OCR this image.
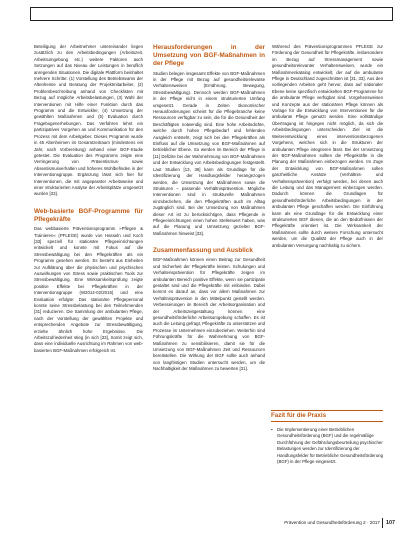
Beteiligung der Arbeitnehmer untereinander liegen zusätzlich zu den Arbeitsbedingungen (Arbeitszeit, Arbeitsumgebung etc.) weitere Faktoren auch Setzungen auf das Niveau der Leistungen in beruflich anregenden Situationen. Die digitale Plattform beinhaltet mehrere Schritte: (1) Vorstellung des Betriebsteams der Altenheime und Beratung der Projektmitarbeiter, (2) Problembeschreibung anhand von Checklisten mit Bezug auf mögliche Arbeitsbelastungen, (3) Wahl der Interventionen mit Hilfe einer Funktion durch das Programm und die Entwickler, (4) Umsetzung der gewählten Maßnahmen und (5) Evaluation durch Fragebogenerhebungen. Das Verfahren lehnt ein partizipatives Vorgehen an und Kommunikation für den Prozess mit dem Arbeitgeber. Dieses Programm wurde in 45 Altenheimen im Gesamtzeitraum (mindestens ein Jahr, nach Vorbereitung) anhand einer BGF-Studie getestet. Die Evaluation des Programms zeigte eine Verringerung von Präsentismus- sowie Absentismusverhalten und höheres Wohlbefinden in der Interventionsgruppe. Ergänzung lässt sich hier für Interventionen, die mit angepasster Arbeitsweise und einer strukturierten Analyse der Arbeitsplätze umgesetzt wurden [33].

Web-basierte BGF-Programme für Pflegekräfte

Das webbasierte Präventionsprogramm »Pflegen & Trainieren« (PFLEGE) wurde von Hasseln und Koch [33] speziell für stationäre Pflegeeinrichtungen entwickelt und konnte mit Fokus auf die Stressbewältigung bei den Pflegekräften als ein Programm gesehen werden. Es besteht aus Einheiten zur Aufklärung über die physischen und psychischen Auswirkungen von Stress sowie praktischen Tools zur Stressbewältigung. Eine Wirksamkeitsprüfung zeigte positive Effekte bei Pflegekräften in der Interventionsgruppe (W2014-02/2015) und eine Evaluation erfolgte: Das stationäre Pflegepersonal konnte seine Stressbelastung bei den Teilnehmenden [31] reduzieren. Die Sammlung der ambulanten Pflege, nach der Vorstellung der gewählten Projekte und entsprechenden Angebote zur Stressbewältigung, erzielte ähnlich hohe Ergebnisse. Die Arbeitszufriedenheit stieg (in sich [33], Somit zeigt sich, dass eine individuelle Ausrichtung im Rahmen von web-basierten BGF-Maßnahmen erfolgreich ist.

Herausforderungen in der Umsetzung von BGF-Maßnahmen in der Pflege

Studien belegen insgesamt Effekte von BGF-Maßnahmen in der Pflege mit Bezug auf gesundheitsrelevante Verhaltensweisen (Ernährung, Bewegung, Stressbewältigung). Dennoch werden BGF-Maßnahmen in der Pflege nicht in einem strukturierten Umfang umgesetzt. Gerade in Zeiten ökonomischer Herausforderungen scheint für die Pflegebranche keine Ressourcen verfügbar zu sein, die für die Gesundheit der Beschäftigten notwendig sind. Eine hohe Arbeitsdichte, welche durch hohen Pflegebedarf und fehlenden Ausgleich entsteht, zeigt sich bei den Pflegekräften als Einfluss auf die Umsetzung von BGF-Maßnahmen auf betrieblicher Ebene. So werden im Bereich der Pflege in [11] Defizite bei der Wahrnehmung von BGF-Maßnahmen und der Entwicklung von Arbeitsbedingungen festgestellt. Laut Studien [13, 36] kann als Grundlage für die Identifizierung der Handlungsfelder herangezogen werden, die Umsetzung der Maßnahmen sowie die Strukturen – passende Verhältnisprävention. Mögliche Interventionen sind in strukturelle Maßnahmen einzubeziehen, die den Pflegekräften auch im Alltag zugänglich sind. Bei der Umsetzung von Maßnahmen dieser Art ist zu berücksichtigen, dass Pflegende in Pflegeeinrichtungen einen hohen Stellenwert haben, was auf die Planung und Umsetzung gezielter BGF-Maßnahmen hinweist [33].

Zusammenfassung und Ausblick

BGF-Maßnahmen können einen Beitrag zur Gesundheit und Sicherheit der Pflegekräfte leisten. Schulungen und Verhaltensprävention für Pflegekräfte zeigen im ambulanten Bereich positive Effekte, wenn sie partizipativ gestaltet sind und die Pflegekräfte mit einbinden. Dabei kommt es darauf an, dass vor allem Maßnahmen zur Verhältnisprävention in den Mittelpunkt gestellt werden. Verbesserungen im Bereich der Arbeitsorganisation und der Arbeitszeitgestaltung können eine gesundheitsförderliche Arbeitsumgebung schaffen. Es ist auch die Leitung gefragt, Pflegekräfte zu unterstützen und Prozesse im Unternehmen einzubeziehen. Weiterhin sind Führungskräfte für die Wahrnehmung von BGF-Maßnahmen zu sensibilisieren, damit sie für die Umsetzung von BGF-Maßnahmen Zeit und Ressourcen bereitstellen. Die Wirkung der BGF sollte auch anhand von langfristigen Studien untersucht werden, um die Nachhaltigkeit der Maßnahmen zu bewerten [31].

Während des Präventionsprogrammes PFLEGE zur Förderung der Gesundheit für Pflegekräfte, insbesondere im Bezug auf Stressmanagement sowie gesundheitsrelevanter Verhaltensweisen, wurde ein Maßnahmenkatalog entwickelt, der auf die ambulante Pflege in Deutschland zugeschnitten ist [31, 33]. Aus den vorliegenden Arbeiten geht hervor, dass auf nationaler Ebene keine spezifisch entwickelten BGF-Programme für die ambulante Pflege verfügbar sind. Vorgehensweisen und Konzepte aus der stationären Pflege können als Vorlage für die Entwicklung von Interventionen für die ambulante Pflege genutzt werden. Eine vollständige Übertragung ist hingegen nicht möglich, da sich die Arbeitsbedingungen unterscheiden. Ziel ist die Weiterentwicklung eines interventionsbezogenen Vorgehens, welches sich in die Strukturen der ambulanten Pflege integrieren lässt. Bei der Umsetzung der BGF-Maßnahmen sollten die Pflegekräfte in die Planung der Maßnahmen einbezogen werden. Im Zuge der Entwicklung von BGF-Maßnahmen sollen ganzheitliche Ansätze (Verhältnis- und Verhaltensprävention) verfolgt werden, bei denen auch die Leitung und das Management einbezogen werden. Dadurch können die Grundlagen für gesundheitsförderliche Arbeitsbedingungen in der ambulanten Pflege geschaffen werden. Die Einführung kann als eine Grundlage für die Entwicklung einer strukturierten BGF dienen, die an den Bedürfnissen der Pflegekräfte orientiert ist. Die Wirksamkeit der Maßnahmen sollte durch weitere Forschung untersucht werden, um die Qualität der Pflege auch in der ambulanten Versorgung nachhaltig zu sichern.

Fazit für die Praxis
▪ Die Implementierung einer Betrieblichen Gesundheitsförderung (BGF) und die regelmäßige Durchführung der Gefährdungsbeurteilung psychischer Belastungen werden zur Identifizierung der Handlungsfelder für Betriebliche Gesundheitsförderung (BGF) in der Pflege eingesetzt.
Prävention und Gesundheitsförderung 2 · 2017 107
